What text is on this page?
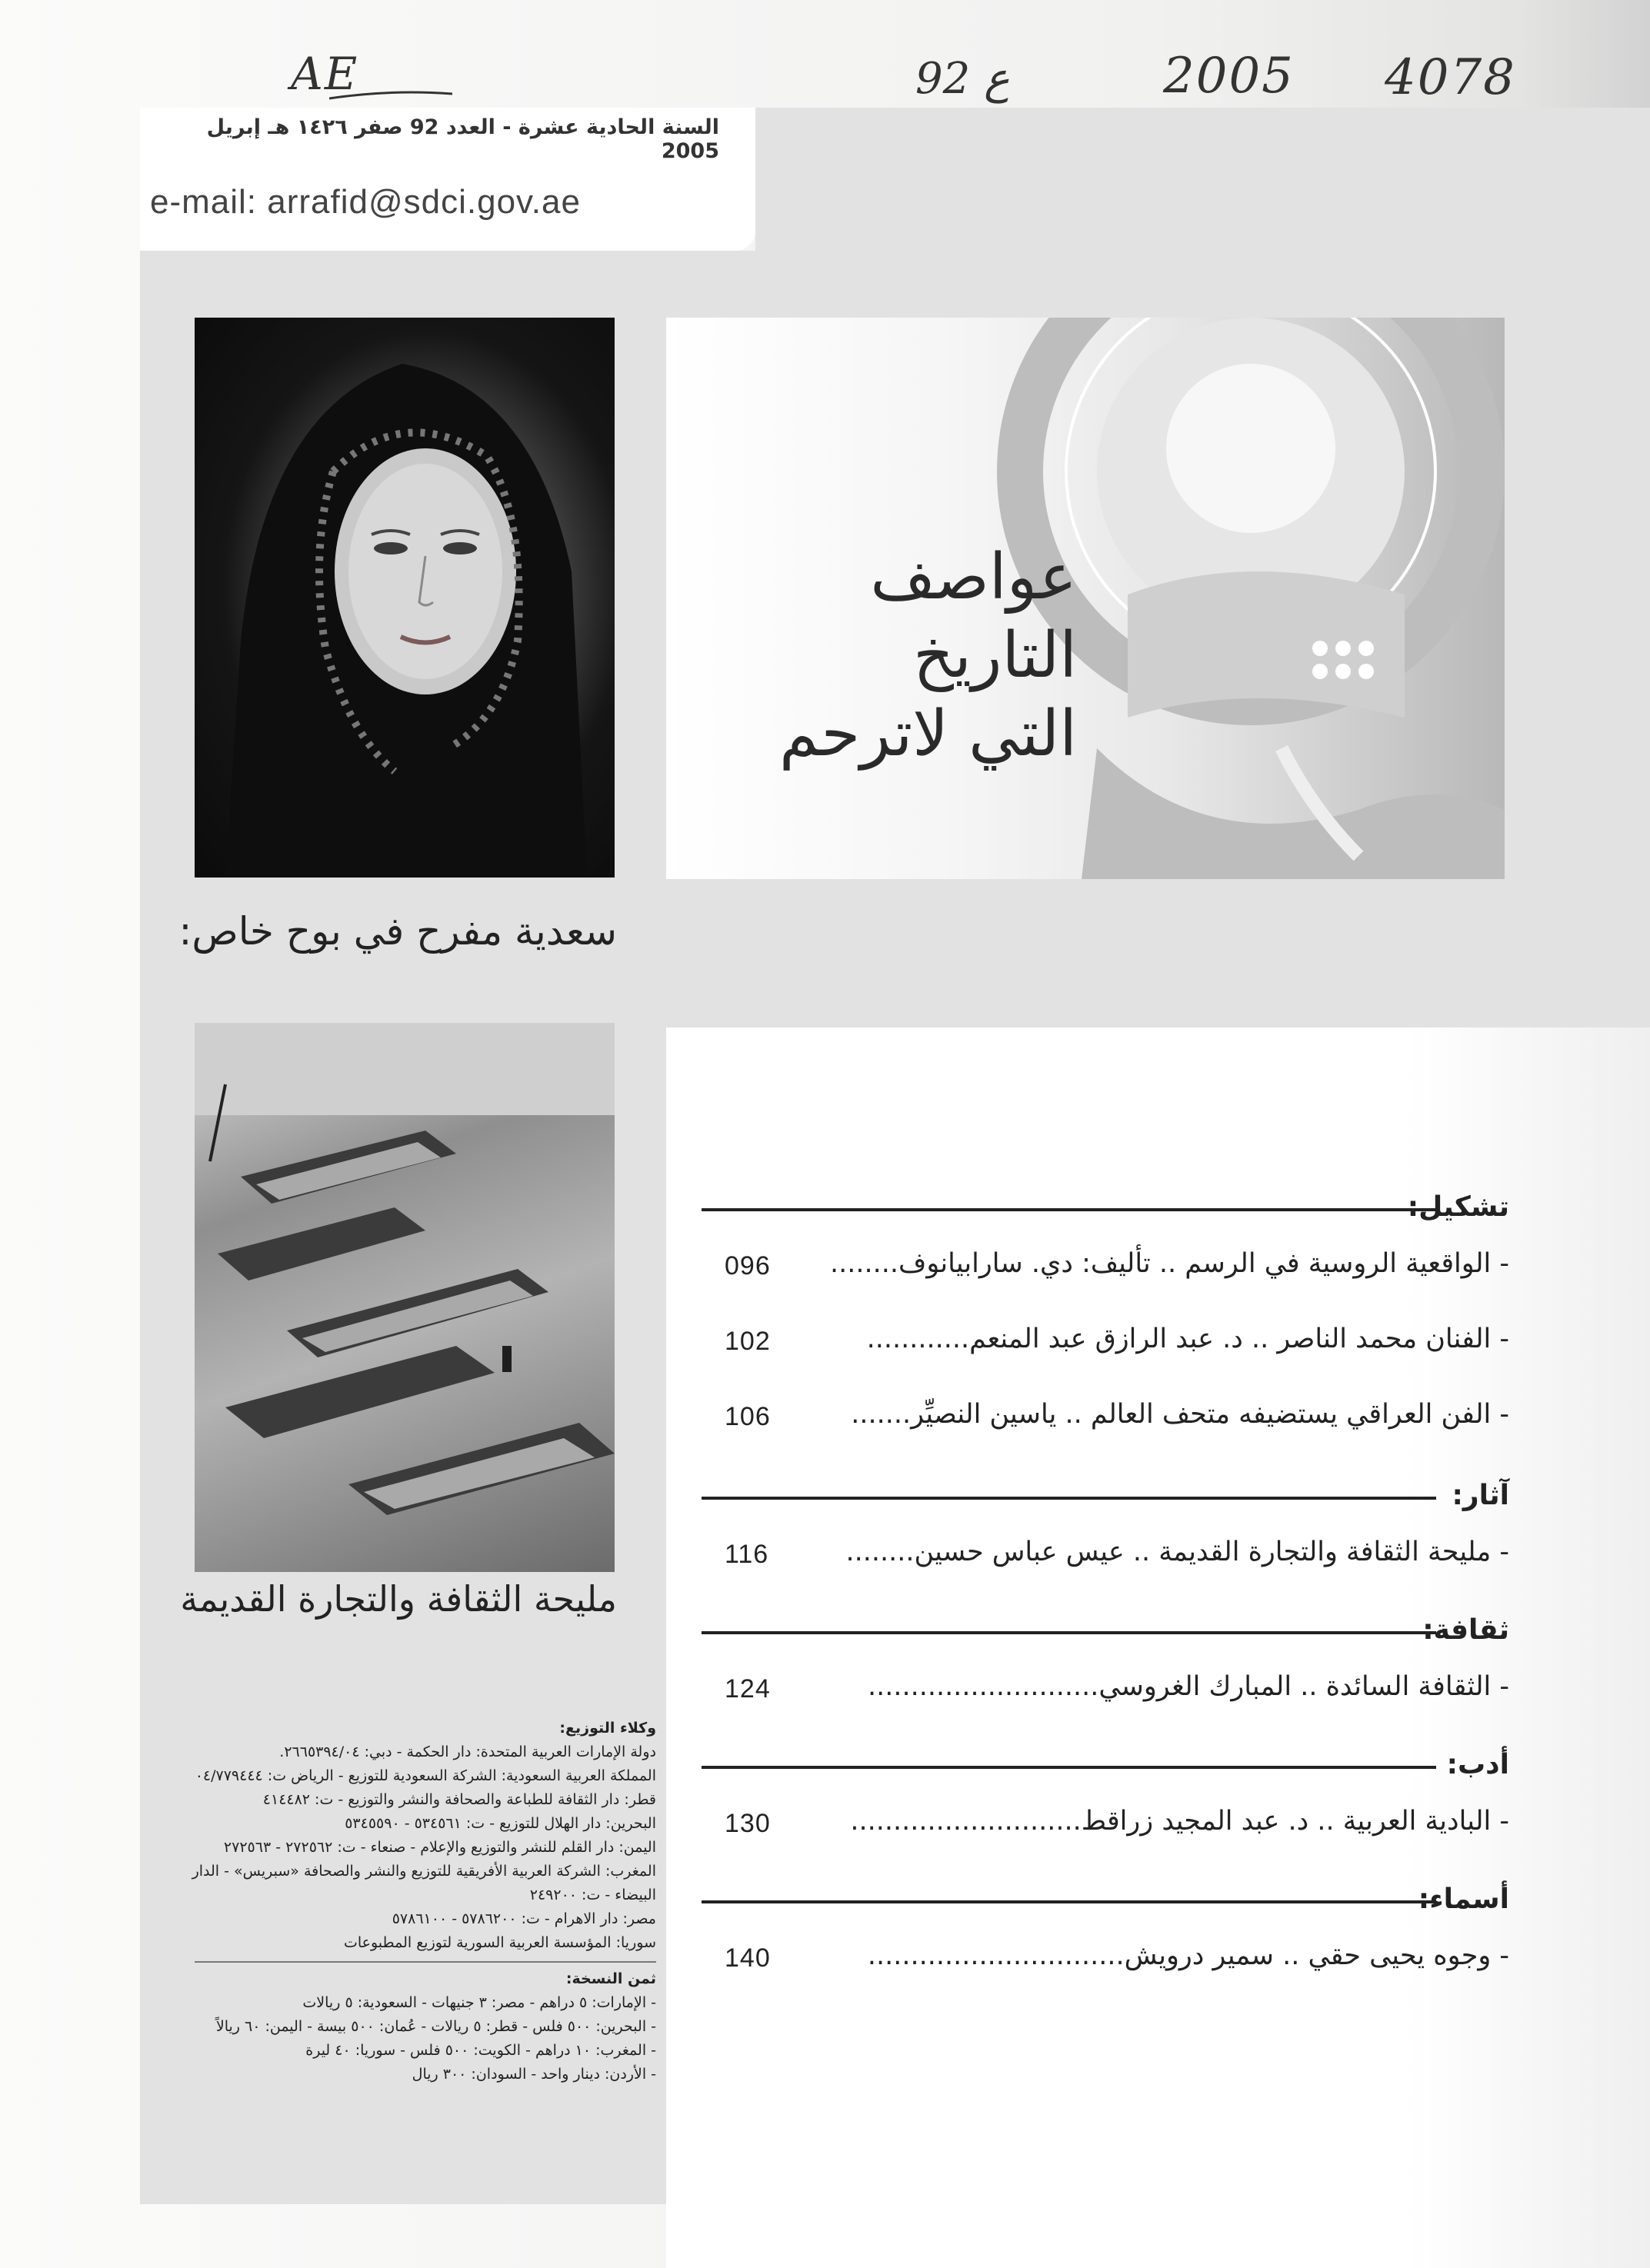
AE	92 ع	2005 4078
السنة الحادية عشرة - العدد 92 صفر ١٤٢٦ هـ إبريل 2005
e-mail: arrafid@sdci.gov.ae
سعدية مفرح في بوح خاص:
عواصف
التاريخ
التي لاترحم
مليحة الثقافة والتجارة القديمة
تشكيل:
096 - الواقعية الروسية في الرسم .. تأليف: دي. سارابيانوف........
102	- الفنان محمد الناصر .. د. عبد الرازق عبد المنعم............
106	- الفن العراقي يستضيفه متحف العالم .. ياسين النصيِّر.......
آثار:
116	- مليحة الثقافة والتجارة القديمة .. عيس عباس حسين........
ثقافة:
124	- الثقافة السائدة .. المبارك الغروسي...........................
أدب:
130	- البادية العربية .. د. عبد المجيد زراقط...........................
أسماء:
140	- وجوه يحيى حقي .. سمير درويش..............................
وكلاء التوزيع:
دولة الإمارات العربية المتحدة: دار الحكمة - دبي: ٢٦٦٥٣٩٤/٠٤.
المملكة العربية السعودية: الشركة السعودية للتوزيع - الرياض ت: ٠٤/٧٧٩٤٤٤
قطر: دار الثقافة للطباعة والصحافة والنشر والتوزيع - ت: ٤١٤٤٨٢
البحرين: دار الهلال للتوزيع - ت: ٥٣٤٥٦١ - ٥٣٤٥٥٩٠
اليمن: دار القلم للنشر والتوزيع والإعلام - صنعاء - ت: ٢٧٢٥٦٢ - ٢٧٢٥٦٣
المغرب: الشركة العربية الأفريقية للتوزيع والنشر والصحافة «سبريس» - الدار
البيضاء - ت: ٢٤٩٢٠٠
مصر: دار الاهرام - ت: ٥٧٨٦٢٠٠ - ٥٧٨٦١٠٠
سوريا: المؤسسة العربية السورية لتوزيع المطبوعات
ثمن النسخة:
- الإمارات: ٥ دراهم - مصر: ٣ جنيهات - السعودية: ٥ ريالات
- البحرين: ٥٠٠ فلس - قطر: ٥ ريالات - عُمان: ٥٠٠ بيسة - اليمن: ٦٠ ريالاً
- المغرب: ١٠ دراهم - الكويت: ٥٠٠ فلس - سوريا: ٤٠ ليرة
- الأردن: دينار واحد - السودان: ٣٠٠ ريال
